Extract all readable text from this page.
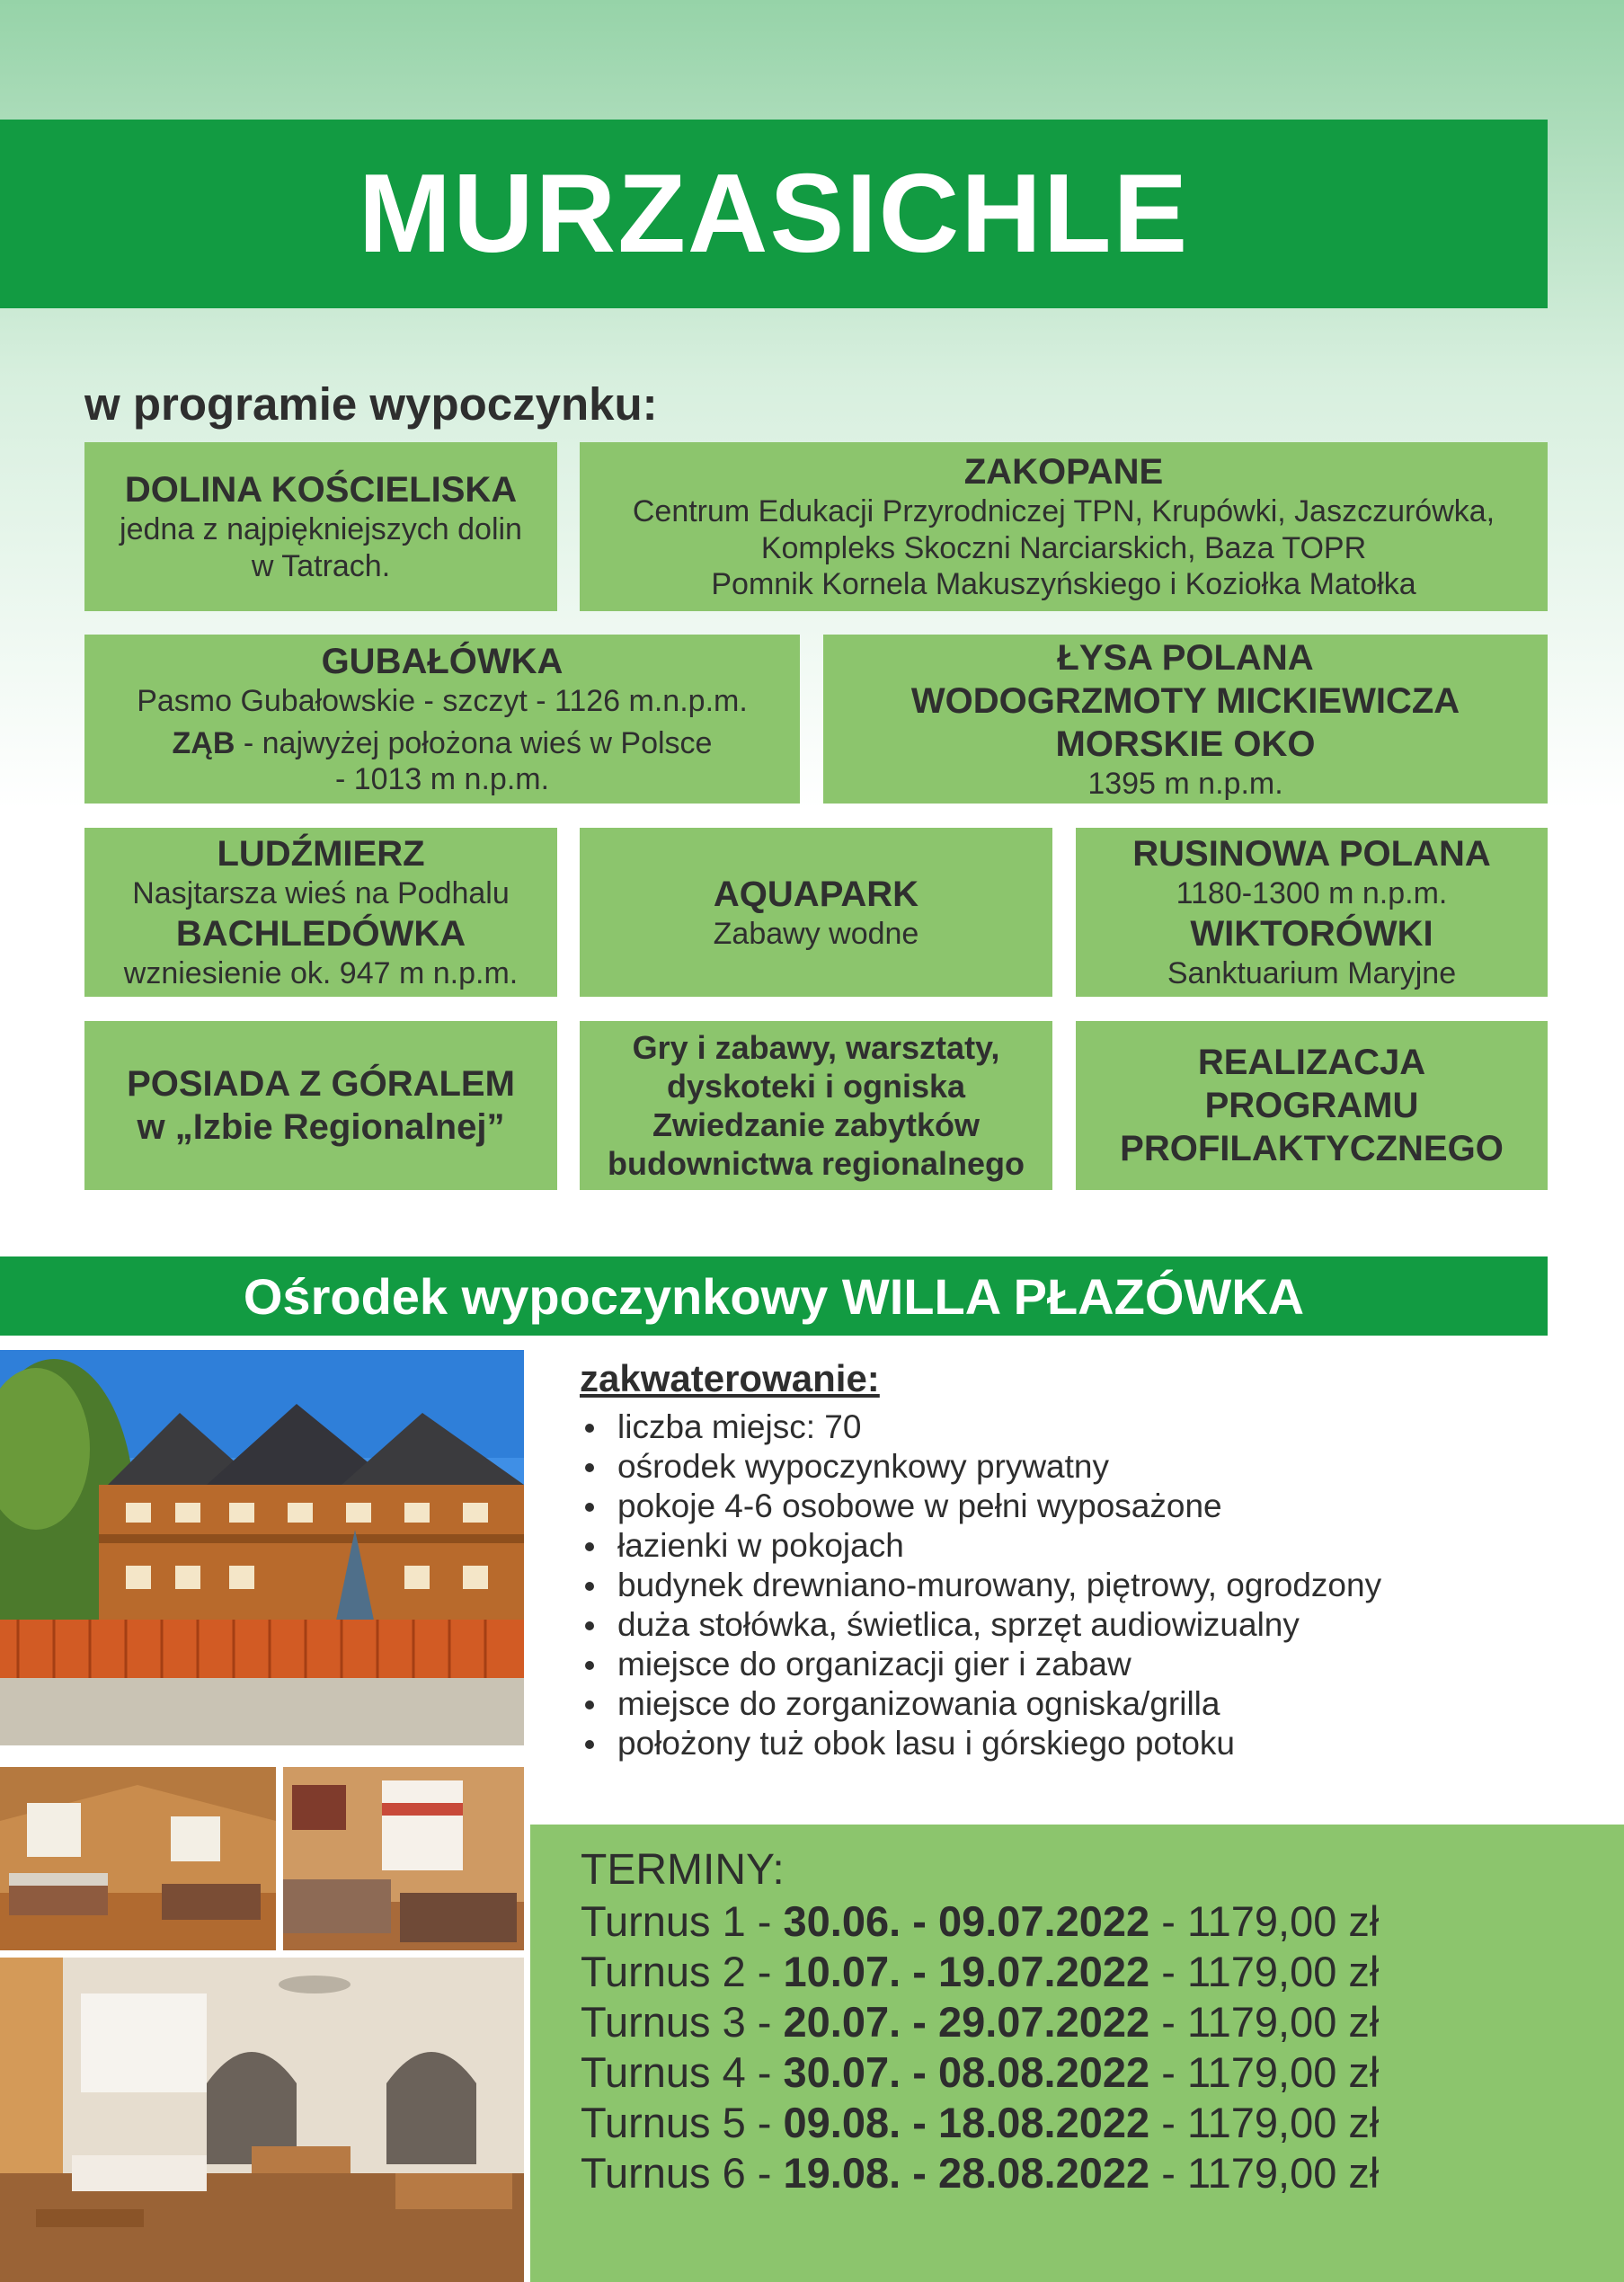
MURZASICHLE
w programie wypoczynku:
DOLINA KOŚCIELISKA
jedna z najpiękniejszych dolin
w Tatrach.
ZAKOPANE
Centrum Edukacji Przyrodniczej TPN, Krupówki, Jaszczurówka,
Kompleks Skoczni Narciarskich, Baza TOPR
Pomnik Kornela Makuszyńskiego i Koziołka Matołka
GUBAŁÓWKA
Pasmo Gubałowskie - szczyt - 1126 m.n.p.m.
ZĄB - najwyżej położona wieś w Polsce
- 1013 m n.p.m.
ŁYSA POLANA
WODOGRZMOTY MICKIEWICZA
MORSKIE OKO
1395 m n.p.m.
LUDŹMIERZ
Nasjtarsza wieś na Podhalu
BACHLEDÓWKA
wzniesienie ok. 947 m n.p.m.
AQUAPARK
Zabawy wodne
RUSINOWA POLANA
1180-1300 m n.p.m.
WIKTORÓWKI
Sanktuarium Maryjne
POSIADA Z GÓRALEM
w „Izbie Regionalnej”
Gry i zabawy, warsztaty,
dyskoteki i ogniska
Zwiedzanie zabytków
budownictwa regionalnego
REALIZACJA
PROGRAMU
PROFILAKTYCZNEGO
Ośrodek wypoczynkowy WILLA PŁAZÓWKA
zakwaterowanie:
liczba miejsc: 70
ośrodek wypoczynkowy prywatny
pokoje 4-6 osobowe w pełni wyposażone
łazienki w pokojach
budynek drewniano-murowany, piętrowy, ogrodzony
duża stołówka, świetlica, sprzęt audiowizualny
miejsce do organizacji gier i zabaw
miejsce do zorganizowania ogniska/grilla
położony tuż obok lasu i górskiego potoku
TERMINY:
Turnus 1 - 30.06. - 09.07.2022 - 1179,00 zł
Turnus 2 - 10.07. - 19.07.2022 - 1179,00 zł
Turnus 3 - 20.07. - 29.07.2022 - 1179,00 zł
Turnus 4 - 30.07. - 08.08.2022 - 1179,00 zł
Turnus 5 - 09.08. - 18.08.2022 - 1179,00 zł
Turnus 6 - 19.08. - 28.08.2022 - 1179,00 zł
